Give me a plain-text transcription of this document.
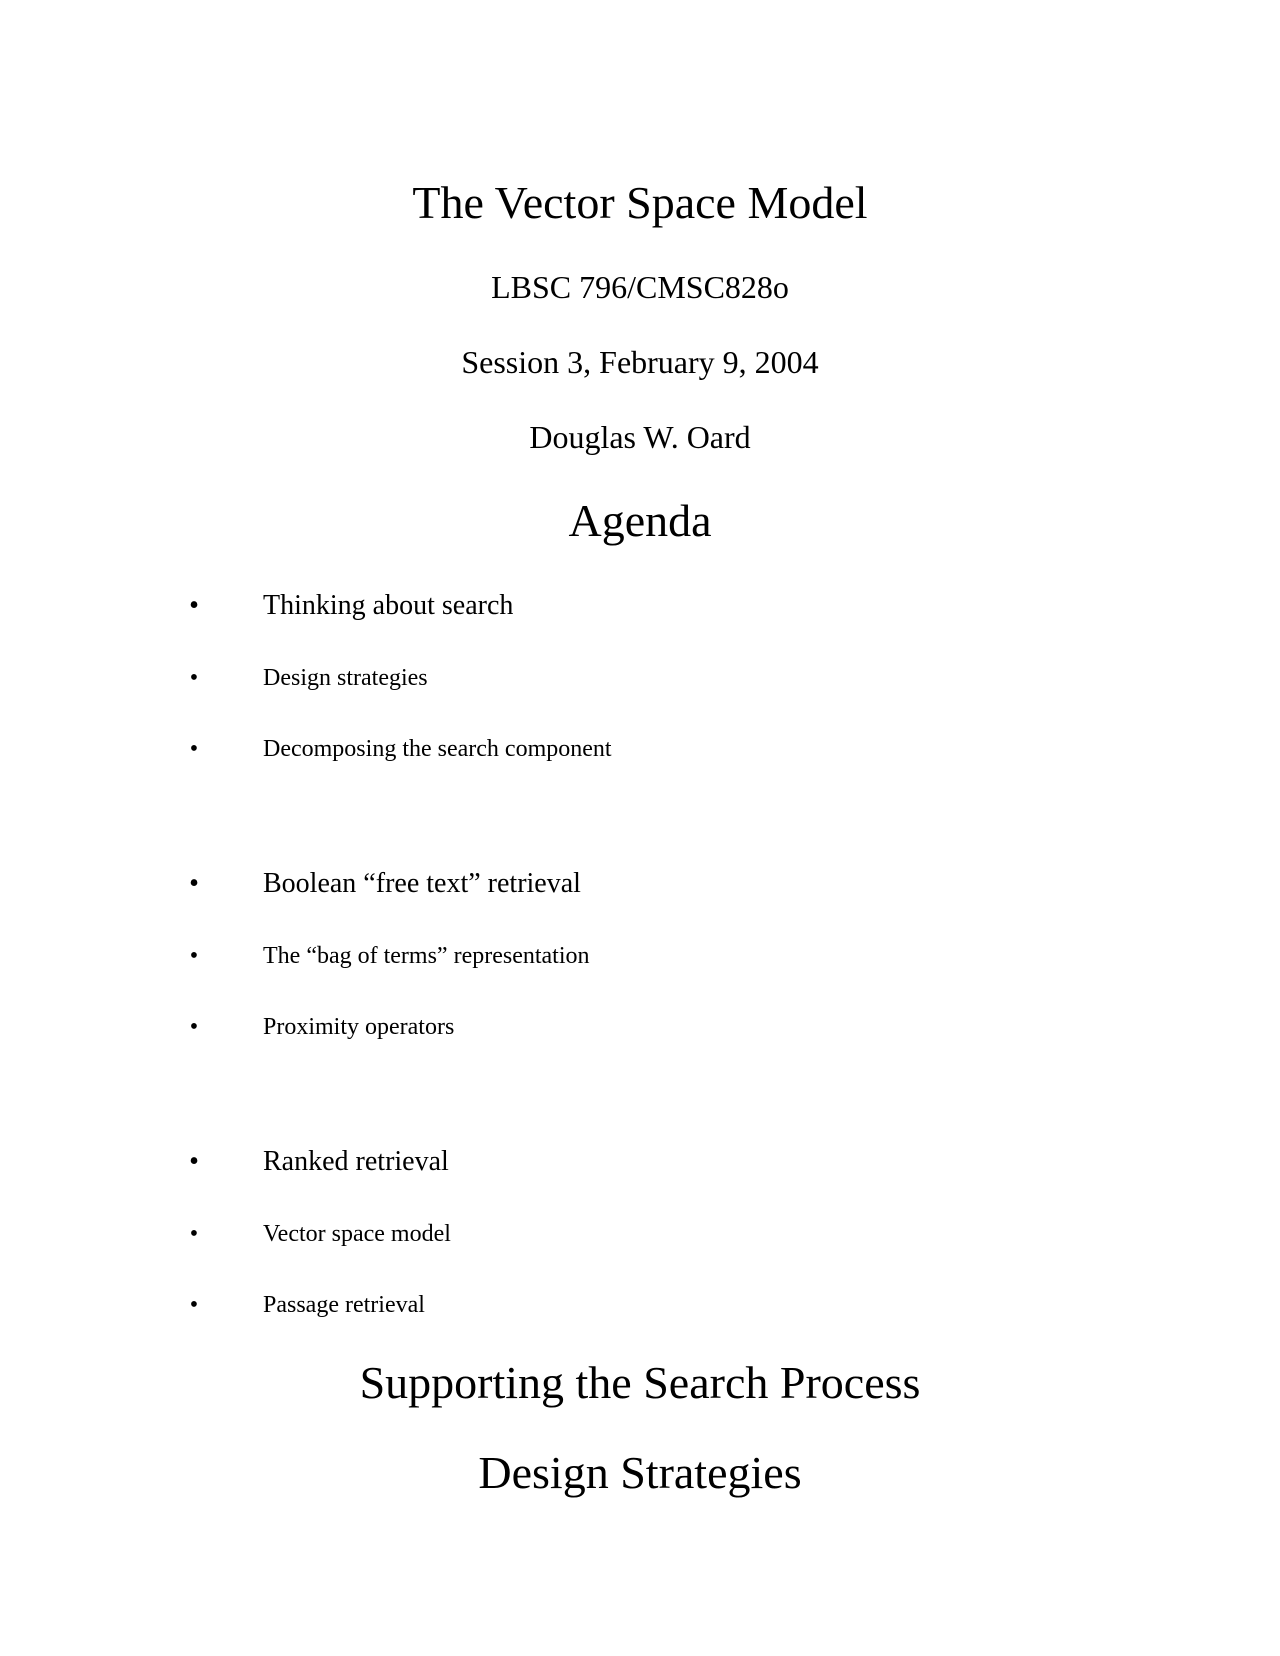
The Vector Space Model
LBSC 796/CMSC828o
Session 3, February 9, 2004
Douglas W. Oard
Agenda
• Thinking about search
•	Design strategies
•	Decomposing the search component
• Boolean “free text” retrieval
•	The “bag of terms” representation
•	Proximity operators
• Ranked retrieval
•	Vector space model
•	Passage retrieval
Supporting the Search Process
Design Strategies
